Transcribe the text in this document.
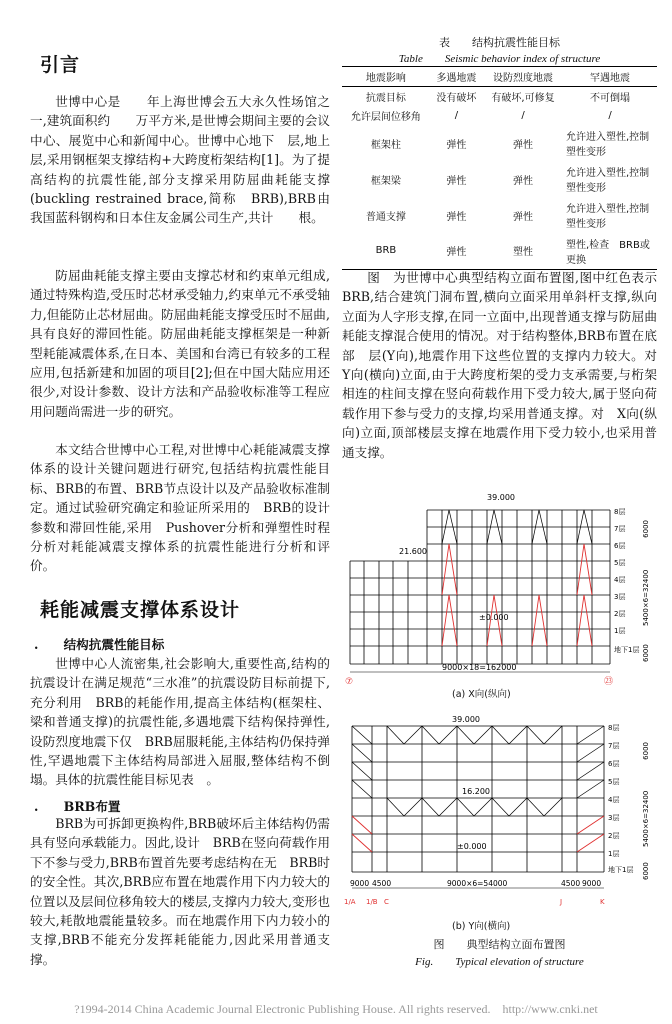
引言

世博中心是　　年上海世博会五大永久性场馆之一,建筑面积约　　万平方米,是世博会期间主要的会议中心、展览中心和新闻中心。世博中心地下　层,地上　层,采用钢框架支撑结构+大跨度桁架结构[1]。为了提高结构的抗震性能,部分支撑采用防屈曲耗能支撑(buckling restrained brace,简称　BRB),BRB由我国蓝科钢构和日本住友金属公司生产,共计　　根。

防屈曲耗能支撑主要由支撑芯材和约束单元组成,通过特殊构造,受压时芯材承受轴力,约束单元不承受轴力,但能防止芯材屈曲。防屈曲耗能支撑受压时不屈曲,具有良好的滞回性能。防屈曲耗能支撑框架是一种新型耗能减震体系,在日本、美国和台湾已有较多的工程应用,包括新建和加固的项目[2];但在中国大陆应用还很少,对设计参数、设计方法和产品验收标准等工程应用问题尚需进一步的研究。

本文结合世博中心工程,对世博中心耗能减震支撑体系的设计关键问题进行研究,包括结构抗震性能目标、BRB的布置、BRB节点设计以及产品验收标准制定。通过试验研究确定和验证所采用的　BRB的设计参数和滞回性能,采用　Pushover分析和弹塑性时程分析对耗能减震支撑体系的抗震性能进行分析和评价。

耗能减震支撑体系设计
.　　结构抗震性能目标

世博中心人流密集,社会影响大,重要性高,结构的抗震设计在满足规范“三水准”的抗震设防目标前提下,充分利用　BRB的耗能作用,提高主体结构(框架柱、梁和普通支撑)的抗震性能,多遇地震下结构保持弹性,设防烈度地震下仅　BRB屈服耗能,主体结构仍保持弹性,罕遇地震下主体结构局部进入屈服,整体结构不倒塌。具体的抗震性能目标见表　。

.　　BRB布置

BRB为可拆卸更换构件,BRB破坏后主体结构仍需具有竖向承载能力。因此,设计　BRB在竖向荷载作用下不参与受力,BRB布置首先要考虑结构在无　BRB时的安全性。其次,BRB应布置在地震作用下内力较大的位置以及层间位移角较大的楼层,支撑内力较大,变形也较大,耗散地震能量较多。而在地震作用下内力较小的支撑,BRB不能充分发挥耗能能力,因此采用普通支撑。

表　　结构抗震性能目标
Table　　Seismic behavior index of structure
地震影响	多遇地震	设防烈度地震	罕遇地震
抗震目标	没有破坏	有破坏,可修复	不可倒塌
允许层间位移角	/	/	/
框架柱	弹性	弹性	允许进入塑性,控制塑性变形
框架梁	弹性	弹性	允许进入塑性,控制塑性变形
普通支撑	弹性	弹性	允许进入塑性,控制塑性变形
BRB	弹性	塑性	塑性,检查　BRB或更换

图　为世博中心典型结构立面布置图,图中红色表示　BRB,结合建筑门洞布置,横向立面采用单斜杆支撑,纵向立面为人字形支撑,在同一立面中,出现普通支撑与防屈曲耗能支撑混合使用的情况。对于结构整体,BRB布置在底部　层(Y向),地震作用下这些位置的支撑内力较大。对　Y向(横向)立面,由于大跨度桁架的受力支承需要,与桁架相连的柱间支撑在竖向荷载作用下受力较大,属于竖向荷载作用下参与受力的支撑,均采用普通支撑。对　X向(纵向)立面,顶部楼层支撑在地震作用下受力较小,也采用普通支撑。

39.000
21.600
±0.000
8层
7层
6层
5层
4层
3层
2层
1层
地下1层
6000
5400×6=32400
6000
9000×18=162000
⑦	㉓
(a) X向(纵向)
39.000
16.200
±0.000
8层
7层
6层
5层
4层
3层
2层
1层
地下1层
6000
5400×6=32400
6000
9000 4500	9000×6=54000	4500 9000
1/A 1/B C	J	K
(b) Y向(横向)
图　　典型结构立面布置图
Fig.　　Typical elevation of structure
?1994-2014 China Academic Journal Electronic Publishing House. All rights reserved.　http://www.cnki.net
